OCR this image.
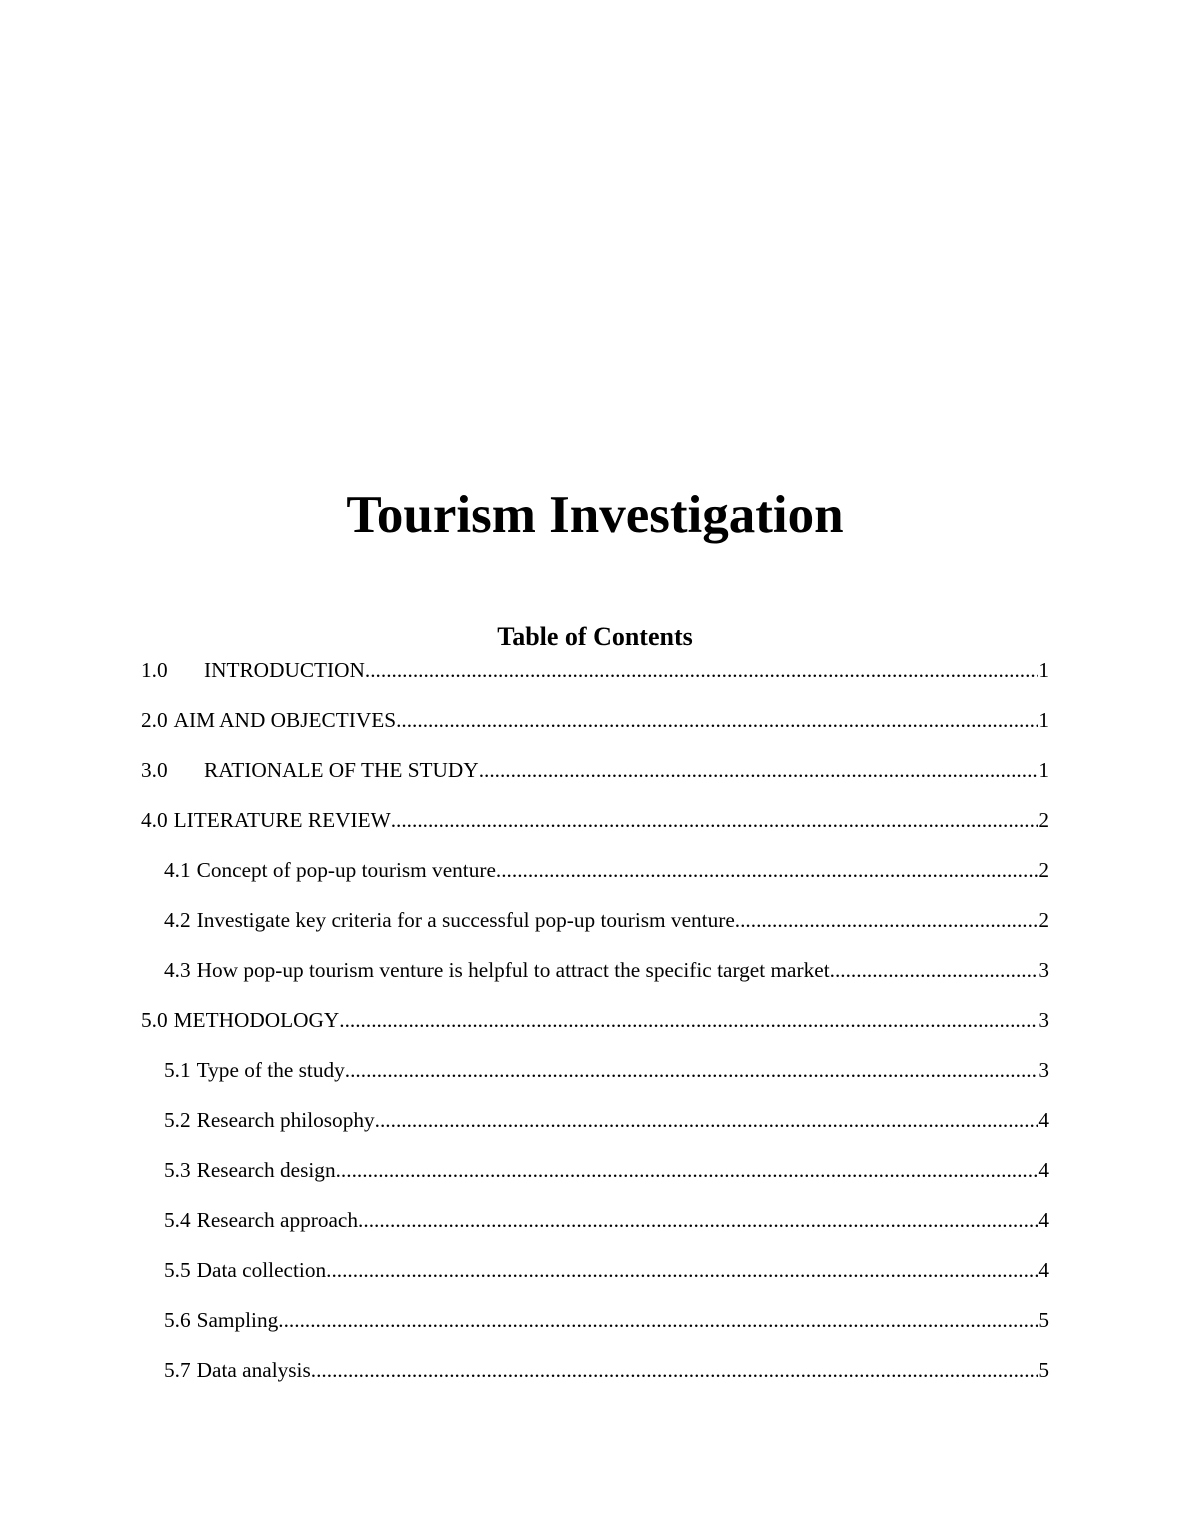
Tourism Investigation
Table of Contents
1.0	INTRODUCTION .....	1
2.0 AIM AND OBJECTIVES .....	1
3.0	RATIONALE OF THE STUDY .....	1
4.0 LITERATURE REVIEW .....	2
4.1 Concept of pop-up tourism venture .....	2
4.2 Investigate key criteria for a successful pop-up tourism venture .....	2
4.3 How pop-up tourism venture is helpful to attract the specific target market .....	3
5.0 METHODOLOGY .....	3
5.1 Type of the study .....	3
5.2 Research philosophy .....	4
5.3 Research design .....	4
5.4 Research approach .....	4
5.5 Data collection .....	4
5.6 Sampling .....	5
5.7 Data analysis .....	5
